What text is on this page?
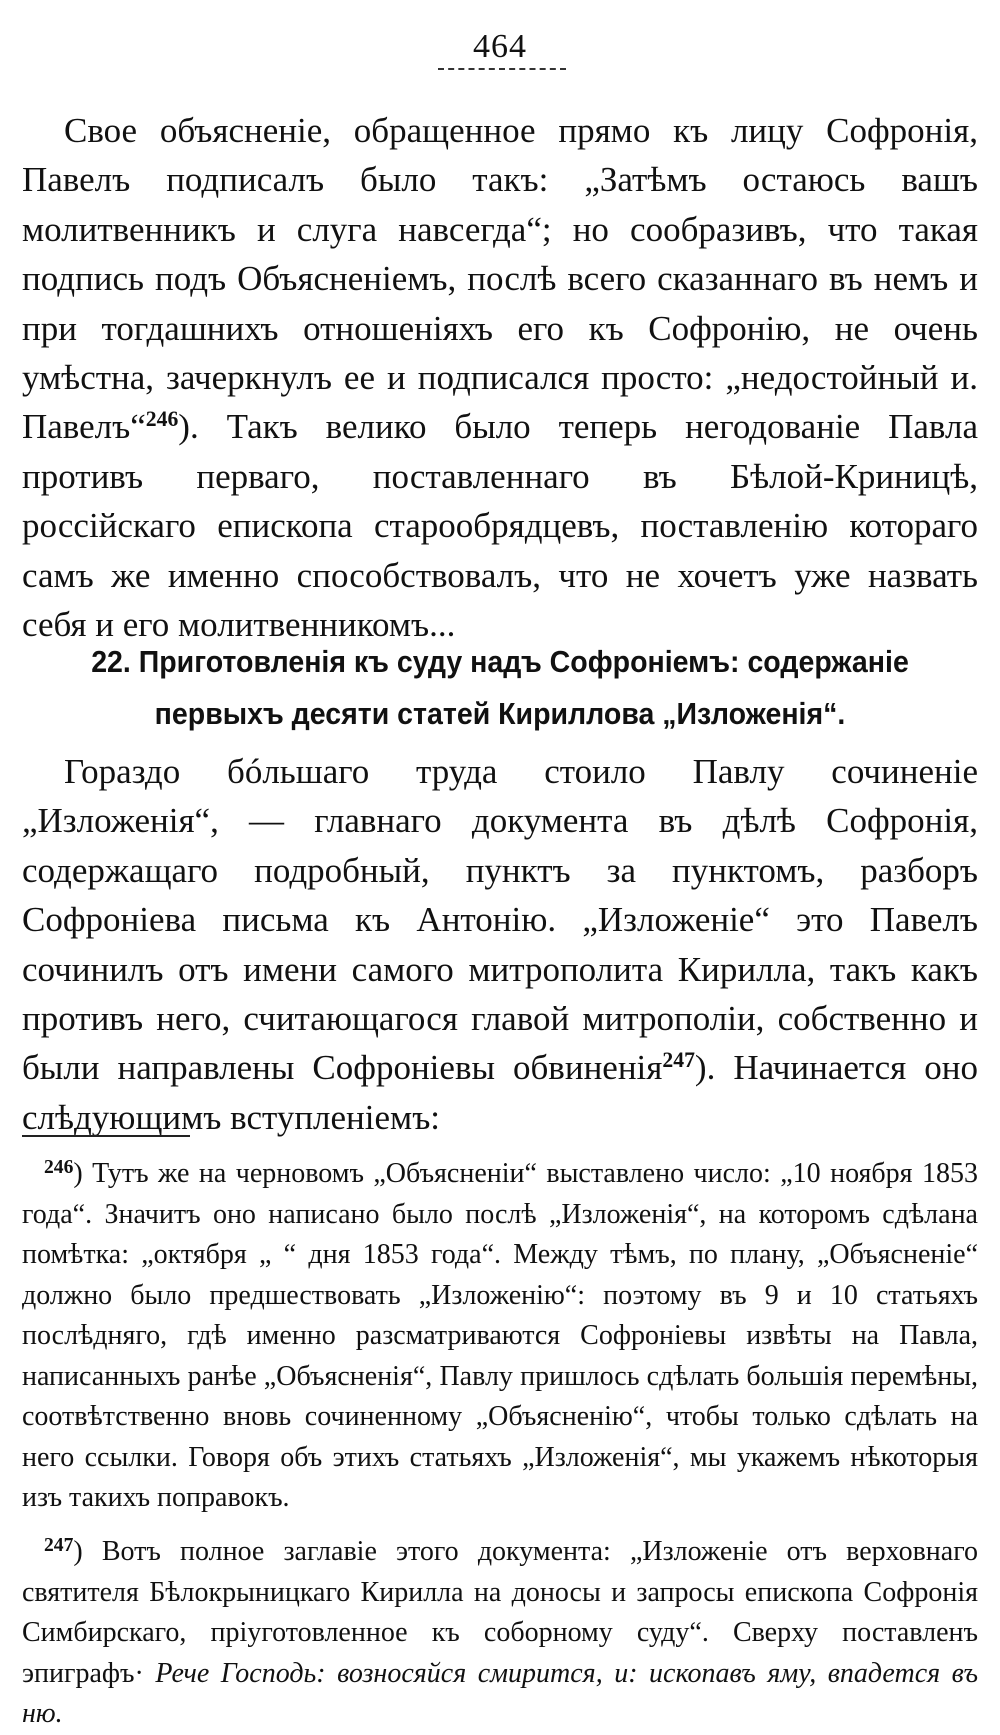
464

Свое объясненіе, обращенное прямо къ лицу Софронія, Павелъ подписалъ было такъ: „Затѣмъ остаюсь вашъ молитвенникъ и слуга навсегда“; но сообразивъ, что такая подпись подъ Объясненіемъ, послѣ всего сказаннаго въ немъ и при тогдашнихъ отношеніяхъ его къ Софронію, не очень умѣстна, зачеркнулъ ее и подписался просто: „недостойный и. Павелъ“$^{246}$). Такъ велико было теперь негодованіе Павла противъ перваго, поставленнаго въ Бѣлой-Криницѣ, россійскаго епископа старообрядцевъ, поставленію котораго самъ же именно способствовалъ, что не хочетъ уже назвать себя и его молитвенникомъ...

22. Приготовленія къ суду надъ Софроніемъ: содержаніе
первыхъ десяти статей Кириллова „Изложенія“.

Гораздо бóльшаго труда стоило Павлу сочиненіе „Изложенія“, — главнаго документа въ дѣлѣ Софронія, содержащаго подробный, пунктъ за пунктомъ, разборъ Софроніева письма къ Антонію. „Изложеніе“ это Павелъ сочинилъ отъ имени самого митрополита Кирилла, такъ какъ противъ него, считающагося главой митрополіи, собственно и были направлены Софроніевы обвиненія$^{247}$). Начинается оно слѣдующимъ вступленіемъ:

$^{246}$) Тутъ же на черновомъ „Объясненіи“ выставлено число: „10 ноября 1853 года“. Значитъ оно написано было послѣ „Изложенія“, на которомъ сдѣлана помѣтка: „октября „ “ дня 1853 года“. Между тѣмъ, по плану, „Объясненіе“ должно было предшествовать „Изложенію“: поэтому въ 9 и 10 статьяхъ послѣдняго, гдѣ именно разсматриваются Софроніевы извѣты на Павла, написанныхъ ранѣе „Объясненія“, Павлу пришлось сдѣлать большія перемѣны, соотвѣтственно вновь сочиненному „Объясненію“, чтобы только сдѣлать на него ссылки. Говоря объ этихъ статьяхъ „Изложенія“, мы укажемъ нѣкоторыя изъ такихъ поправокъ.

$^{247}$) Вотъ полное заглавіе этого документа: „Изложеніе отъ верховнаго святителя Бѣлокрыницкаго Кирилла на доносы и запросы епископа Софронія Симбирскаго, пріуготовленное къ соборному суду“. Сверху поставленъ эпиграфъ· Рече Господь: возносяйся смирится, и: ископавъ яму, впадется въ ню.
